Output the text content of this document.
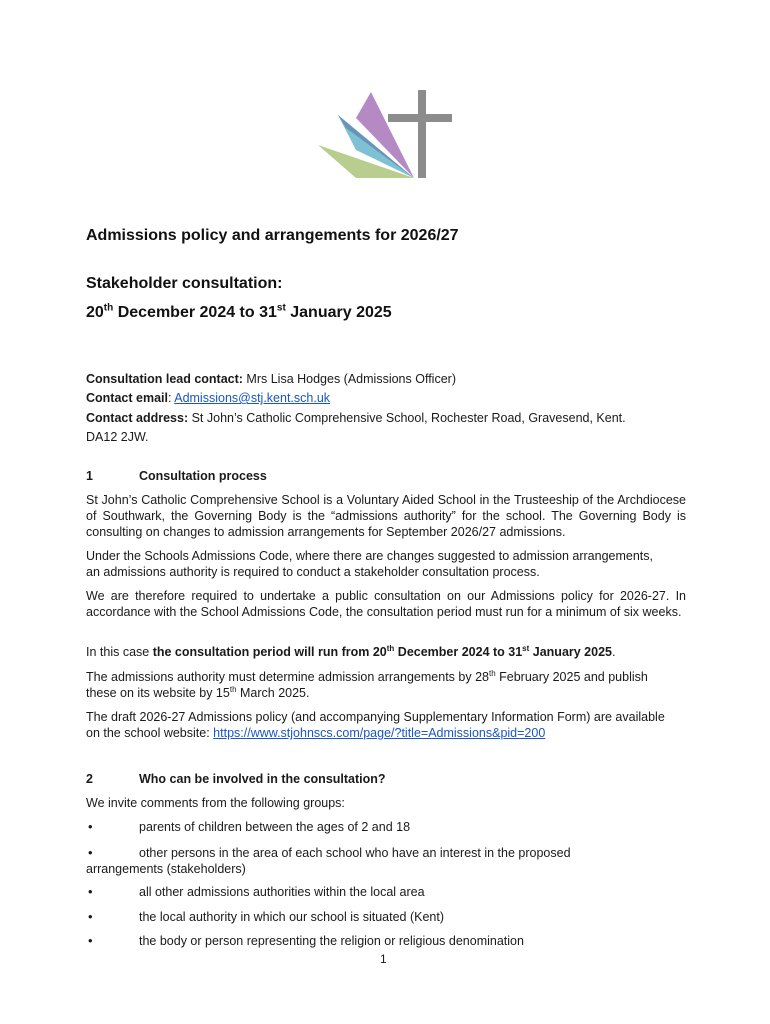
Admissions policy and arrangements for 2026/27
Stakeholder consultation:
20th December 2024 to 31st January 2025
Consultation lead contact: Mrs Lisa Hodges (Admissions Officer)
Contact email: Admissions@stj.kent.sch.uk
Contact address: St John’s Catholic Comprehensive School, Rochester Road, Gravesend, Kent.
DA12 2JW.
1	Consultation process
St John’s Catholic Comprehensive School is a Voluntary Aided School in the Trusteeship of the Archdiocese of Southwark, the Governing Body is the “admissions authority” for the school. The Governing Body is consulting on changes to admission arrangements for September 2026/27 admissions.
Under the Schools Admissions Code, where there are changes suggested to admission arrangements,
an admissions authority is required to conduct a stakeholder consultation process.
We are therefore required to undertake a public consultation on our Admissions policy for 2026-27. In accordance with the School Admissions Code, the consultation period must run for a minimum of six weeks.
In this case the consultation period will run from 20th December 2024 to 31st January 2025.
The admissions authority must determine admission arrangements by 28th February 2025 and publish
these on its website by 15th March 2025.
The draft 2026-27 Admissions policy (and accompanying Supplementary Information Form) are available
on the school website: https://www.stjohnscs.com/page/?title=Admissions&pid=200
2	Who can be involved in the consultation?
We invite comments from the following groups:
•	parents of children between the ages of 2 and 18
•	other persons in the area of each school who have an interest in the proposed
arrangements (stakeholders)
•	all other admissions authorities within the local area
•	the local authority in which our school is situated (Kent)
•	the body or person representing the religion or religious denomination
1
